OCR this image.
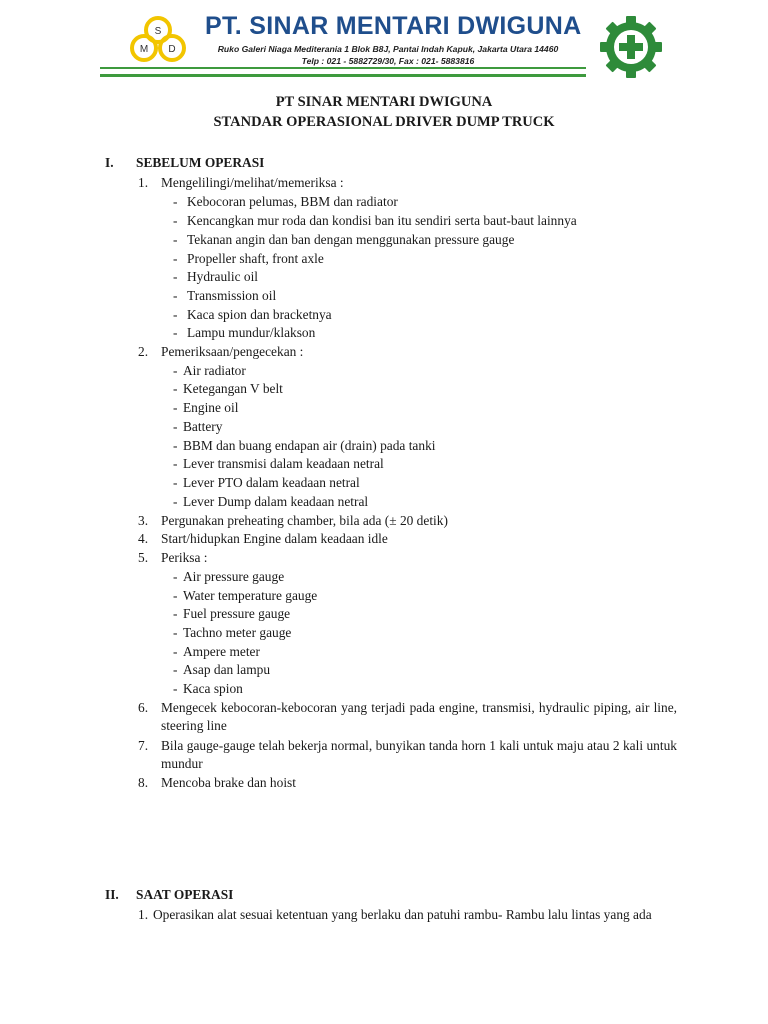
S
M D
PT. SINAR MENTARI DWIGUNA
Ruko Galeri Niaga Mediterania 1 Blok B8J, Pantai Indah Kapuk, Jakarta Utara 14460
Telp : 021 - 5882729/30, Fax : 021- 5883816
PT SINAR MENTARI DWIGUNA
STANDAR OPERASIONAL DRIVER DUMP TRUCK
I. SEBELUM OPERASI
1. Mengelilingi/melihat/memeriksa :
- Kebocoran pelumas, BBM dan radiator
- Kencangkan mur roda dan kondisi ban itu sendiri serta baut-baut lainnya
- Tekanan angin dan ban dengan menggunakan pressure gauge
- Propeller shaft, front axle
- Hydraulic oil
- Transmission oil
- Kaca spion dan bracketnya
- Lampu mundur/klakson
2. Pemeriksaan/pengecekan :
- Air radiator
- Ketegangan V belt
- Engine oil
- Battery
- BBM dan buang endapan air (drain) pada tanki
- Lever transmisi dalam keadaan netral
- Lever PTO dalam keadaan netral
- Lever Dump dalam keadaan netral
3. Pergunakan preheating chamber, bila ada (± 20 detik)
4. Start/hidupkan Engine dalam keadaan idle
5. Periksa :
- Air pressure gauge
- Water temperature gauge
- Fuel pressure gauge
- Tachno meter gauge
- Ampere meter
- Asap dan lampu
- Kaca spion
6. Mengecek kebocoran-kebocoran yang terjadi pada engine, transmisi, hydraulic piping, air line, steering line
7. Bila gauge-gauge telah bekerja normal, bunyikan tanda horn 1 kali untuk maju atau 2 kali untuk mundur
8. Mencoba brake dan hoist
II. SAAT OPERASI
1. Operasikan alat sesuai ketentuan yang berlaku dan patuhi rambu- Rambu lalu lintas yang ada
